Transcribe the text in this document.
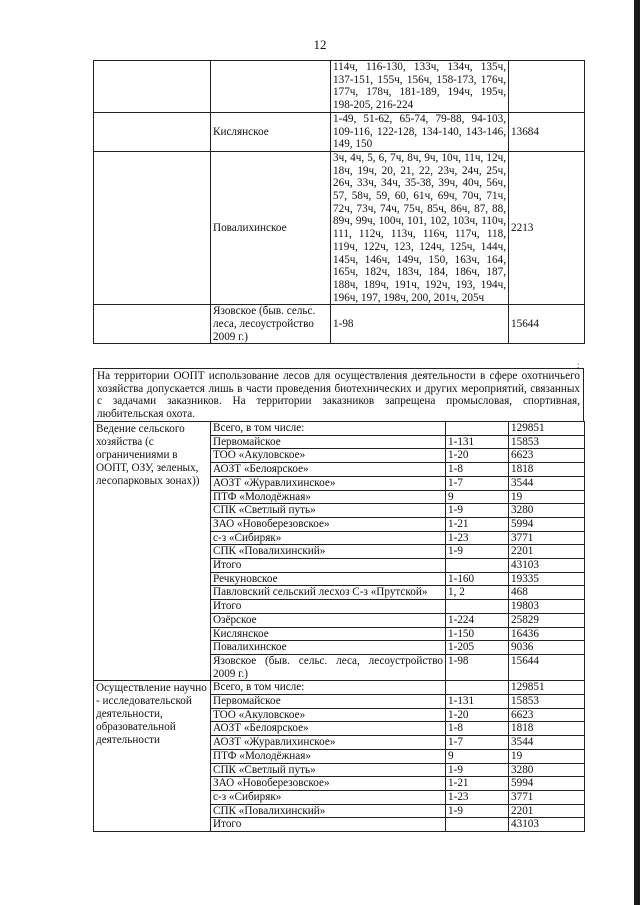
12
		114ч, 116-130, 133ч, 134ч, 135ч, 137-151, 155ч, 156ч, 158-173, 176ч, 177ч, 178ч, 181-189, 194ч, 195ч, 198-205, 216-224	
	Кислянское	1-49, 51-62, 65-74, 79-88, 94-103, 109-116, 122-128, 134-140, 143-146, 149, 150	13684
	Повалихинское	3ч, 4ч, 5, 6, 7ч, 8ч, 9ч, 10ч, 11ч, 12ч, 18ч, 19ч, 20, 21, 22, 23ч, 24ч, 25ч, 26ч, 33ч, 34ч, 35-38, 39ч, 40ч, 56ч, 57, 58ч, 59, 60, 61ч, 69ч, 70ч, 71ч, 72ч, 73ч, 74ч, 75ч, 85ч, 86ч, 87, 88, 89ч, 99ч, 100ч, 101, 102, 103ч, 110ч, 111, 112ч, 113ч, 116ч, 117ч, 118, 119ч, 122ч, 123, 124ч, 125ч, 144ч, 145ч, 146ч, 149ч, 150, 163ч, 164, 165ч, 182ч, 183ч, 184, 186ч, 187, 188ч, 189ч, 191ч, 192ч, 193, 194ч, 196ч, 197, 198ч, 200, 201ч, 205ч	2213
	Язовское (быв. сельс. леса, лесоустройство 2009 г.)	1-98	15644
На территории ООПТ использование лесов для осуществления деятельности в сфере охотничьего хозяйства допускается лишь в части проведения биотехнических и других мероприятий, связанных с задачами заказников. На территории заказников запрещена промысловая, спортивная, любительская охота.
Ведение сельского хозяйства (с ограничениями в ООПТ, ОЗУ, зеленых, лесопарковых зонах))	Всего, в том числе:		129851
	Первомайское	1-131	15853
	ТОО «Акуловское»	1-20	6623
	АОЗТ «Белоярское»	1-8	1818
	АОЗТ «Журавлихинское»	1-7	3544
	ПТФ «Молодёжная»	9	19
	СПК «Светлый путь»	1-9	3280
	ЗАО «Новоберезовское»	1-21	5994
	с-з «Сибиряк»	1-23	3771
	СПК «Повалихинский»	1-9	2201
	Итого		43103
	Речкуновское	1-160	19335
	Павловский сельский лесхоз С-з «Прутской»	1, 2	468
	Итого		19803
	Озёрское	1-224	25829
	Кислянское	1-150	16436
	Повалихинское	1-205	9036
	Язовское (быв. сельс. леса, лесоустройство 2009 г.)	1-98	15644
Осуществление научно - исследовательской деятельности, образовательной деятельности	Всего, в том числе:		129851
	Первомайское	1-131	15853
	ТОО «Акуловское»	1-20	6623
	АОЗТ «Белоярское»	1-8	1818
	АОЗТ «Журавлихинское»	1-7	3544
	ПТФ «Молодёжная»	9	19
	СПК «Светлый путь»	1-9	3280
	ЗАО «Новоберезовское»	1-21	5994
	с-з «Сибиряк»	1-23	3771
	СПК «Повалихинский»	1-9	2201
	Итого		43103
:
